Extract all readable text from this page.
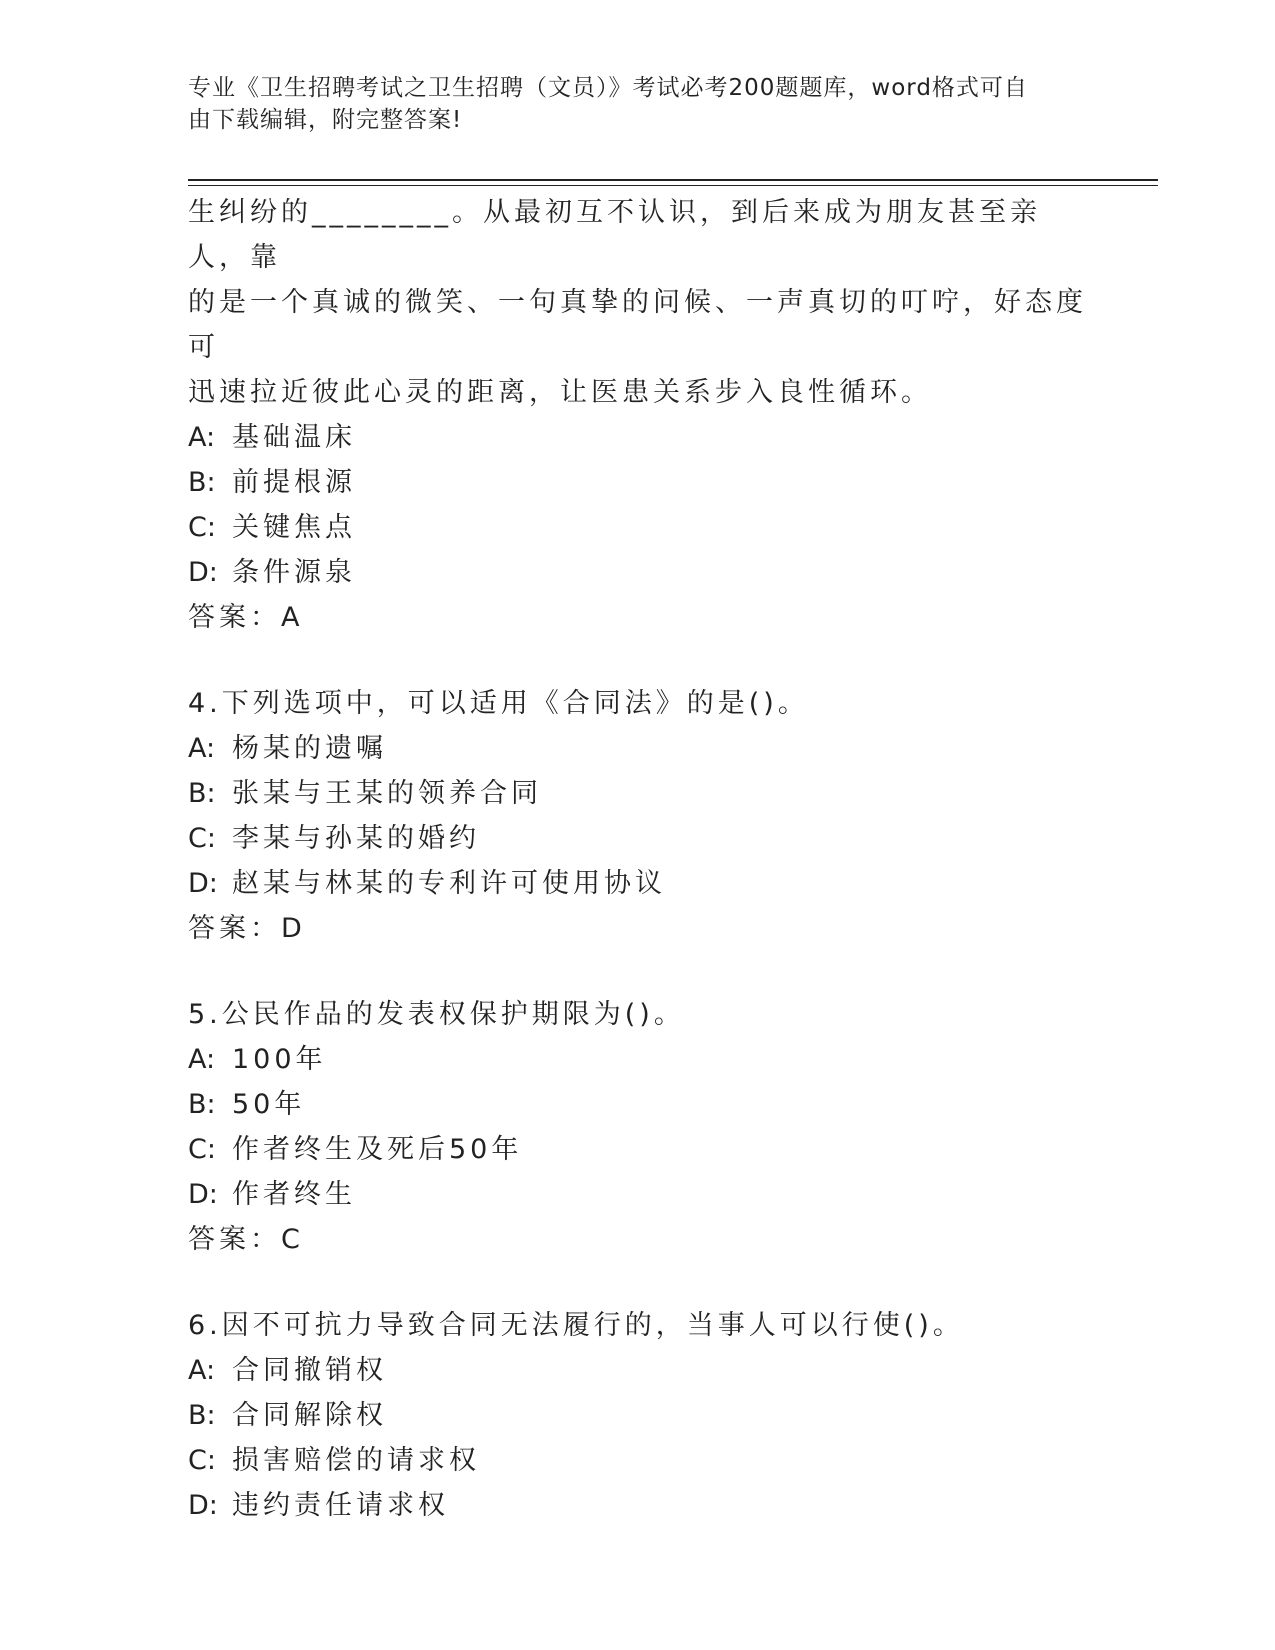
专业《卫生招聘考试之卫生招聘（文员）》考试必考200题题库，word格式可自
由下载编辑，附完整答案!
生纠纷的________。从最初互不认识，到后来成为朋友甚至亲人，靠
的是一个真诚的微笑、一句真挚的问候、一声真切的叮咛，好态度可
迅速拉近彼此心灵的距离，让医患关系步入良性循环。
A: 基础温床
B: 前提根源
C: 关键焦点
D: 条件源泉
答案：A
4.下列选项中，可以适用《合同法》的是()。
A: 杨某的遗嘱
B: 张某与王某的领养合同
C: 李某与孙某的婚约
D: 赵某与林某的专利许可使用协议
答案：D
5.公民作品的发表权保护期限为()。
A: 100年
B: 50年
C: 作者终生及死后50年
D: 作者终生
答案：C
6.因不可抗力导致合同无法履行的，当事人可以行使()。
A: 合同撤销权
B: 合同解除权
C: 损害赔偿的请求权
D: 违约责任请求权
